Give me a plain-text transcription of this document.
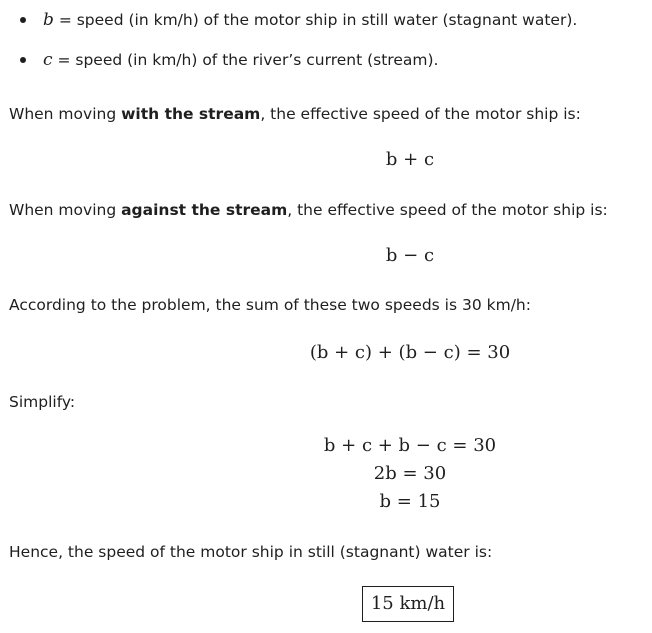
b = speed (in km/h) of the motor ship in still water (stagnant water).
c = speed (in km/h) of the river’s current (stream).
When moving with the stream, the effective speed of the motor ship is:
b + c
When moving against the stream, the effective speed of the motor ship is:
b − c
According to the problem, the sum of these two speeds is 30 km/h:
(b + c) + (b − c) = 30
Simplify:
b + c + b − c = 30
2b = 30
b = 15
Hence, the speed of the motor ship in still (stagnant) water is:
15 km/h
